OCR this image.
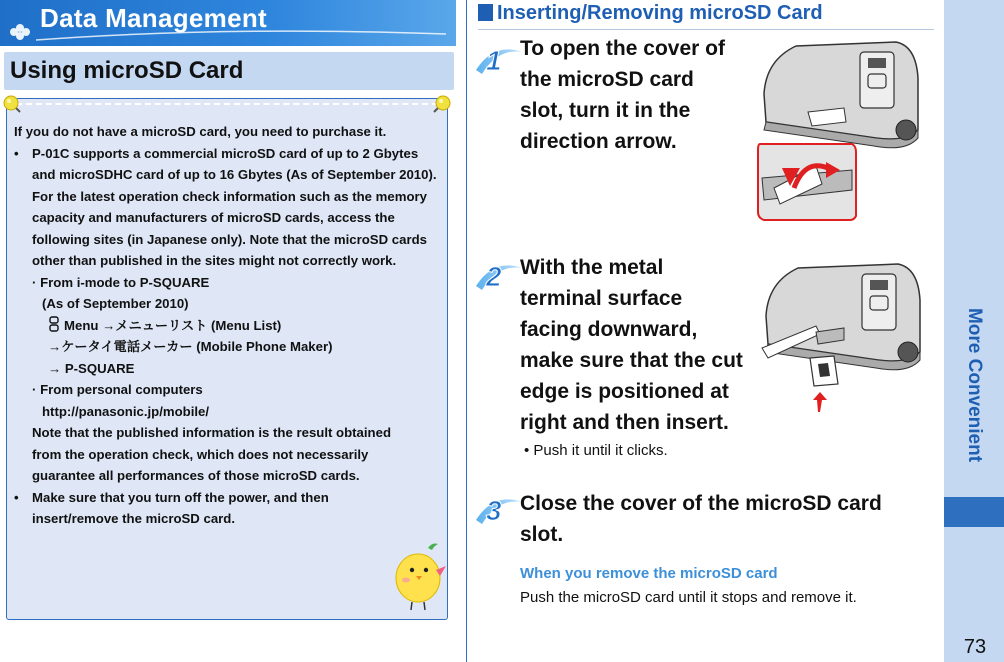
Data Management
Using microSD Card

If you do not have a microSD card, you need to purchase it.

• P-01C supports a commercial microSD card of up to 2 Gbytes and microSDHC card of up to 16 Gbytes (As of September 2010).

For the latest operation check information such as the memory capacity and manufacturers of microSD cards, access the following sites (in Japanese only). Note that the microSD cards other than published in the sites might not correctly work.

· From i-mode to P-SQUARE

(As of September 2010)

Menu →メニューリスト (Menu List)

→ケータイ電話メーカー (Mobile Phone Maker)

→ P-SQUARE

· From personal computers

http://panasonic.jp/mobile/

Note that the published information is the result obtained from the operation check, which does not necessarily guarantee all performances of those microSD cards.

• Make sure that you turn off the power, and then insert/remove the microSD card.

Inserting/Removing microSD Card
1 To open the cover of the microSD card slot, turn it in the direction arrow.
2 With the metal terminal surface facing downward, make sure that the cut edge is positioned at right and then insert.
• Push it until it clicks.
3 Close the cover of the microSD card slot.
When you remove the microSD card
Push the microSD card until it stops and remove it.
More Convenient
73
